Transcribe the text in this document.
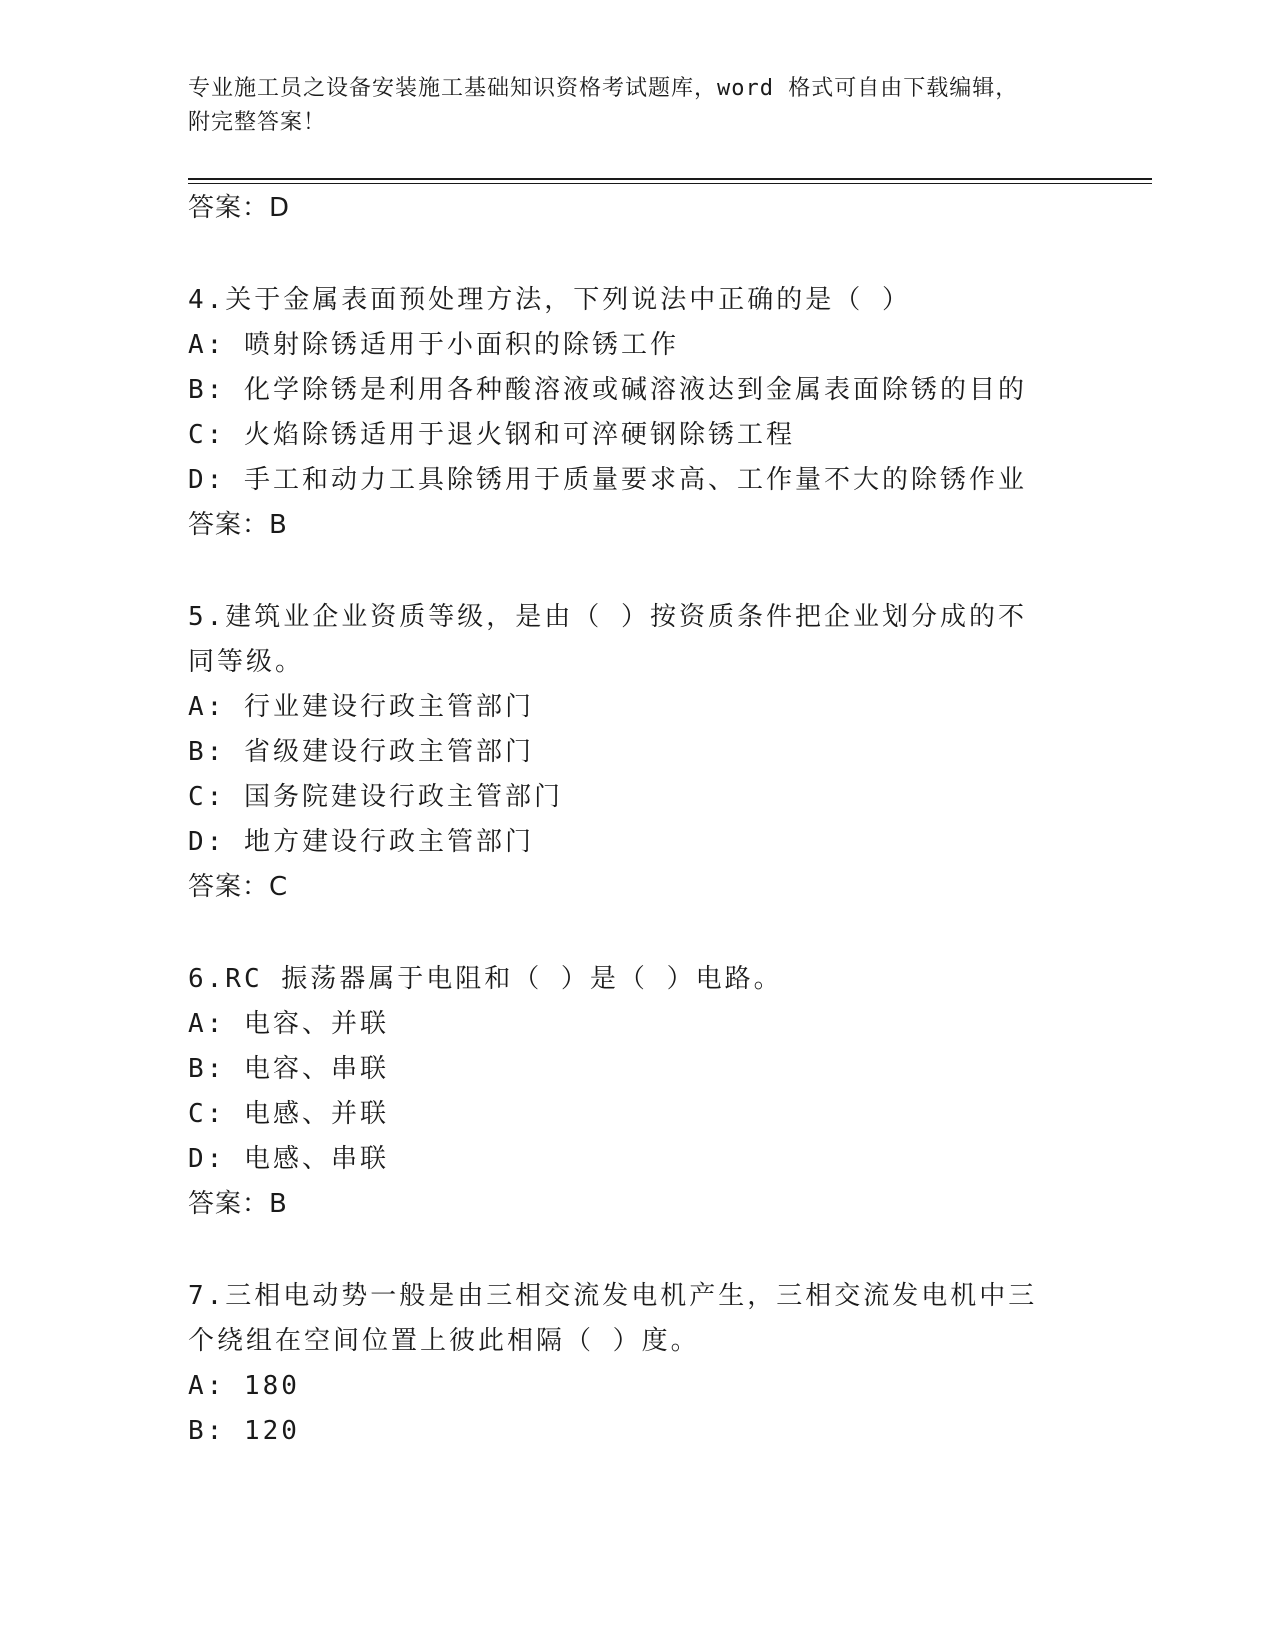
专业施工员之设备安装施工基础知识资格考试题库，word 格式可自由下载编辑，
附完整答案！
答案：D
4.关于金属表面预处理方法，下列说法中正确的是（ ）
A: 喷射除锈适用于小面积的除锈工作
B: 化学除锈是利用各种酸溶液或碱溶液达到金属表面除锈的目的
C: 火焰除锈适用于退火钢和可淬硬钢除锈工程
D: 手工和动力工具除锈用于质量要求高、工作量不大的除锈作业
答案：B
5.建筑业企业资质等级，是由（ ）按资质条件把企业划分成的不同等级。
A: 行业建设行政主管部门
B: 省级建设行政主管部门
C: 国务院建设行政主管部门
D: 地方建设行政主管部门
答案：C
6.RC 振荡器属于电阻和（ ）是（ ）电路。
A: 电容、并联
B: 电容、串联
C: 电感、并联
D: 电感、串联
答案：B
7.三相电动势一般是由三相交流发电机产生，三相交流发电机中三个绕组在空间位置上彼此相隔（ ）度。
A: 180
B: 120
